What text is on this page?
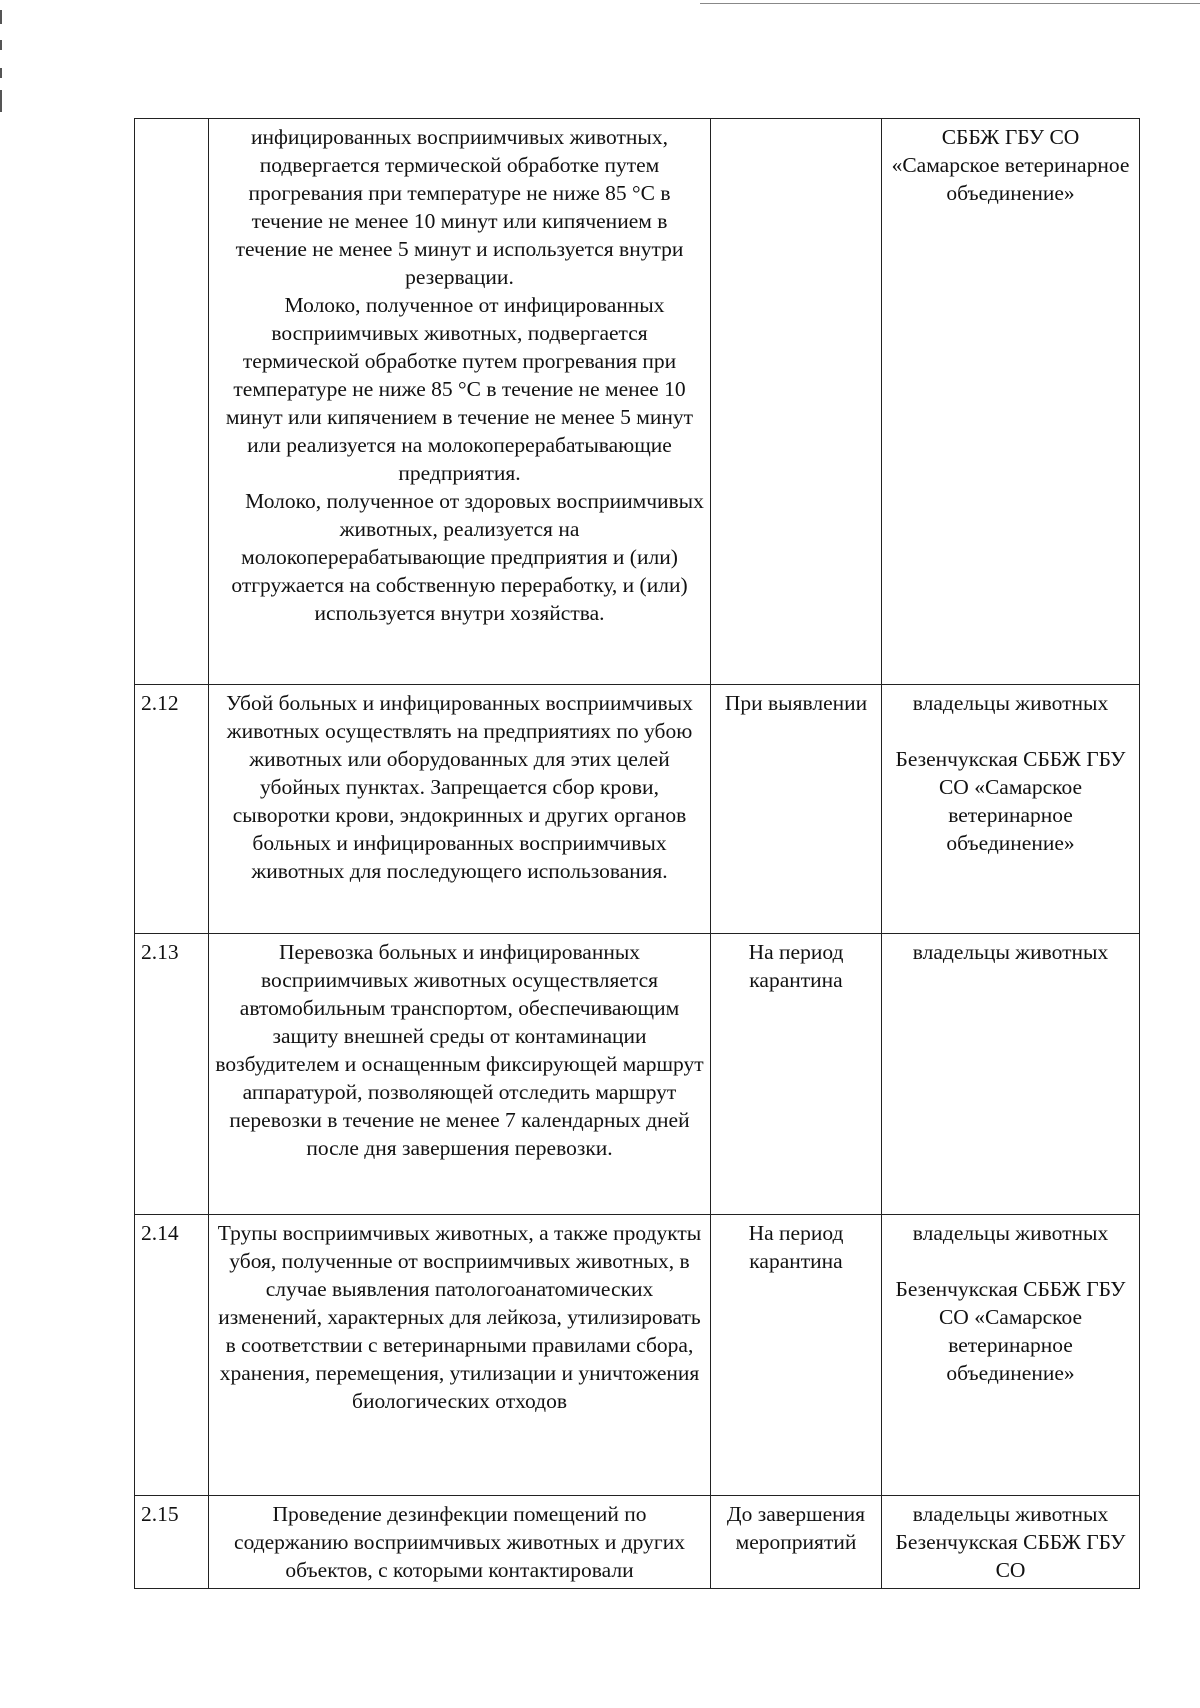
	инфицированных восприимчивых животных, подвергается термической обработке путем прогревания при температуре не ниже 85 °С в течение не менее 10 минут или кипячением в течение не менее 5 минут и используется внутри резервации.
Молоко, полученное от инфицированных восприимчивых животных, подвергается термической обработке путем прогревания при температуре не ниже 85 °С в течение не менее 10 минут или кипячением в течение не менее 5 минут или реализуется на молокоперерабатывающие предприятия.
Молоко, полученное от здоровых восприимчивых животных, реализуется на молокоперерабатывающие предприятия и (или) отгружается на собственную переработку, и (или) используется внутри хозяйства.		СББЖ ГБУ СО «Самарское ветеринарное объединение»

2.12	Убой больных и инфицированных восприимчивых животных осуществлять на предприятиях по убою животных или оборудованных для этих целей убойных пунктах. Запрещается сбор крови, сыворотки крови, эндокринных и других органов больных и инфицированных восприимчивых животных для последующего использования.	При выявлении	владельцы животных
Безенчукская СББЖ ГБУ СО «Самарское ветеринарное объединение»

2.13	Перевозка больных и инфицированных восприимчивых животных осуществляется автомобильным транспортом, обеспечивающим защиту внешней среды от контаминации возбудителем и оснащенным фиксирующей маршрут аппаратурой, позволяющей отследить маршрут перевозки в течение не менее 7 календарных дней после дня завершения перевозки.	На период карантина	владельцы животных

2.14	Трупы восприимчивых животных, а также продукты убоя, полученные от восприимчивых животных, в случае выявления патологоанатомических изменений, характерных для лейкоза, утилизировать в соответствии с ветеринарными правилами сбора, хранения, перемещения, утилизации и уничтожения биологических отходов	На период карантина	владельцы животных
Безенчукская СББЖ ГБУ СО «Самарское ветеринарное объединение»

2.15	Проведение дезинфекции помещений по содержанию восприимчивых животных и других объектов, с которыми контактировали	До завершения мероприятий	владельцы животных
Безенчукская СББЖ ГБУ СО
